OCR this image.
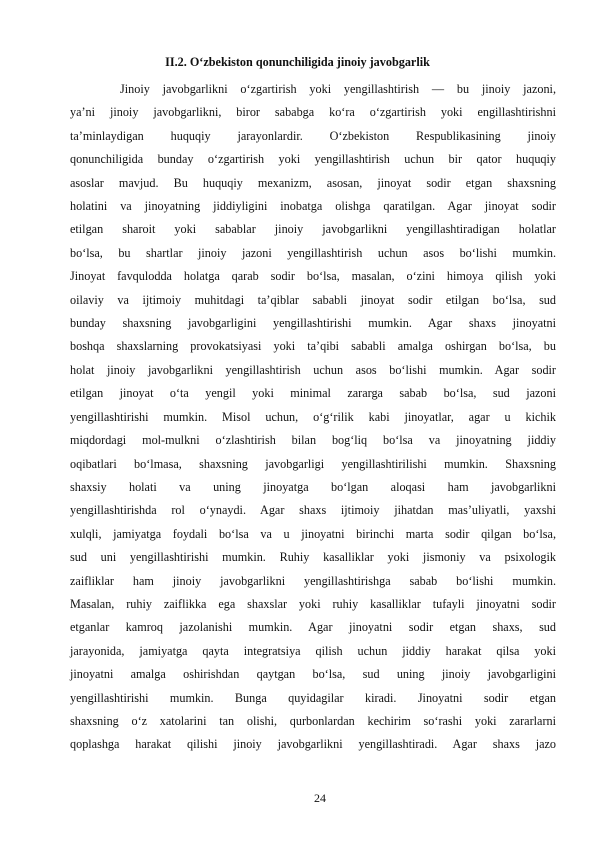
II.2. O‘zbekiston qonunchiligida jinoiy javobgarlik
Jinoiy javobgarlikni o‘zgartirish yoki yengillashtirish — bu jinoiy jazoni,
ya’ni jinoiy javobgarlikni, biror sababga ko‘ra o‘zgartirish yoki engillashtirishni
ta’minlaydigan huquqiy jarayonlardir. O‘zbekiston Respublikasining jinoiy
qonunchiligida bunday o‘zgartirish yoki yengillashtirish uchun bir qator huquqiy
asoslar mavjud. Bu huquqiy mexanizm, asosan, jinoyat sodir etgan shaxsning
holatini va jinoyatning jiddiyligini inobatga olishga qaratilgan. Agar jinoyat sodir
etilgan sharoit yoki sabablar jinoiy javobgarlikni yengillashtiradigan holatlar
bo‘lsa, bu shartlar jinoiy jazoni yengillashtirish uchun asos bo‘lishi mumkin.
Jinoyat favqulodda holatga qarab sodir bo‘lsa, masalan, o‘zini himoya qilish yoki
oilaviy va ijtimoiy muhitdagi ta’qiblar sababli jinoyat sodir etilgan bo‘lsa, sud
bunday shaxsning javobgarligini yengillashtirishi mumkin. Agar shaxs jinoyatni
boshqa shaxslarning provokatsiyasi yoki ta’qibi sababli amalga oshirgan bo‘lsa, bu
holat jinoiy javobgarlikni yengillashtirish uchun asos bo‘lishi mumkin. Agar sodir
etilgan jinoyat o‘ta yengil yoki minimal zararga sabab bo‘lsa, sud jazoni
yengillashtirishi mumkin. Misol uchun, o‘g‘rilik kabi jinoyatlar, agar u kichik
miqdordagi mol-mulkni o‘zlashtirish bilan bog‘liq bo‘lsa va jinoyatning jiddiy
oqibatlari bo‘lmasa, shaxsning javobgarligi yengillashtirilishi mumkin. Shaxsning
shaxsiy holati va uning jinoyatga bo‘lgan aloqasi ham javobgarlikni
yengillashtirishda rol o‘ynaydi. Agar shaxs ijtimoiy jihatdan mas’uliyatli, yaxshi
xulqli, jamiyatga foydali bo‘lsa va u jinoyatni birinchi marta sodir qilgan bo‘lsa,
sud uni yengillashtirishi mumkin. Ruhiy kasalliklar yoki jismoniy va psixologik
zaifliklar ham jinoiy javobgarlikni yengillashtirishga sabab bo‘lishi mumkin.
Masalan, ruhiy zaiflikka ega shaxslar yoki ruhiy kasalliklar tufayli jinoyatni sodir
etganlar kamroq jazolanishi mumkin. Agar jinoyatni sodir etgan shaxs, sud
jarayonida, jamiyatga qayta integratsiya qilish uchun jiddiy harakat qilsa yoki
jinoyatni amalga oshirishdan qaytgan bo‘lsa, sud uning jinoiy javobgarligini
yengillashtirishi mumkin. Bunga quyidagilar kiradi. Jinoyatni sodir etgan
shaxsning o‘z xatolarini tan olishi, qurbonlardan kechirim so‘rashi yoki zararlarni
qoplashga harakat qilishi jinoiy javobgarlikni yengillashtiradi. Agar shaxs jazo
24
